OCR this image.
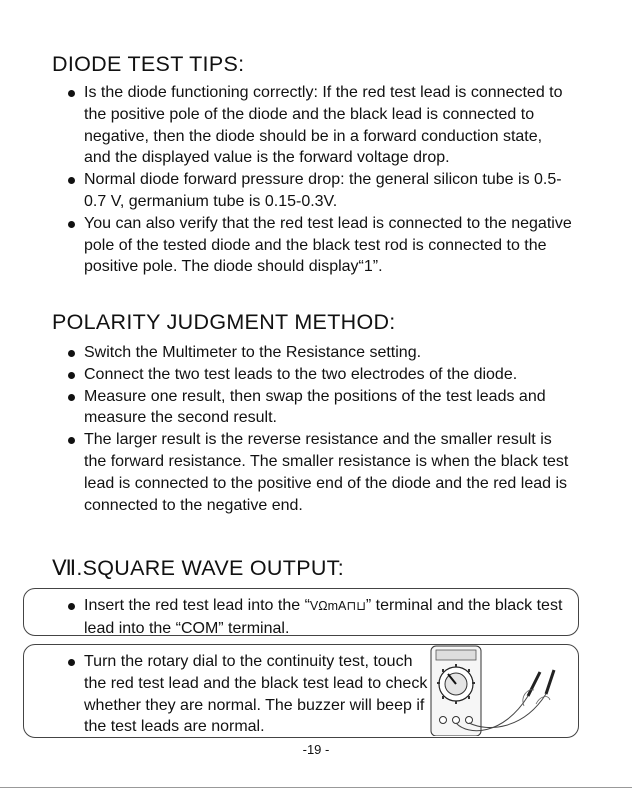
DIODE TEST TIPS:
Is the diode functioning correctly: If the red test lead is connected to the positive pole of the diode and the black lead is connected to negative, then the diode should be in a forward conduction state, and the displayed value is the forward voltage drop.
Normal diode forward pressure drop: the general silicon tube is 0.5- 0.7 V, germanium tube is 0.15-0.3V.
You can also verify that the red test lead is connected to the negative pole of the tested diode and the black test rod is connected to the positive pole. The diode should display“1”.
POLARITY JUDGMENT METHOD:
Switch the Multimeter to the Resistance setting.
Connect the two test leads to the two electrodes of the diode.
Measure one result, then swap the positions of the test leads and measure the second result.
The larger result is the reverse resistance and the smaller result is the forward resistance. The smaller resistance is when the black test lead is connected to the positive end of the diode and the red lead is connected to the negative end.
Ⅶ.SQUARE WAVE OUTPUT:
Insert the red test lead into the “VΩmA⊓⊔” terminal and the black test lead into the “COM” terminal.
Turn the rotary dial to the continuity test, touch the red test lead and the black test lead to check whether they are normal. The buzzer will beep if the test leads are normal.
-19 -
